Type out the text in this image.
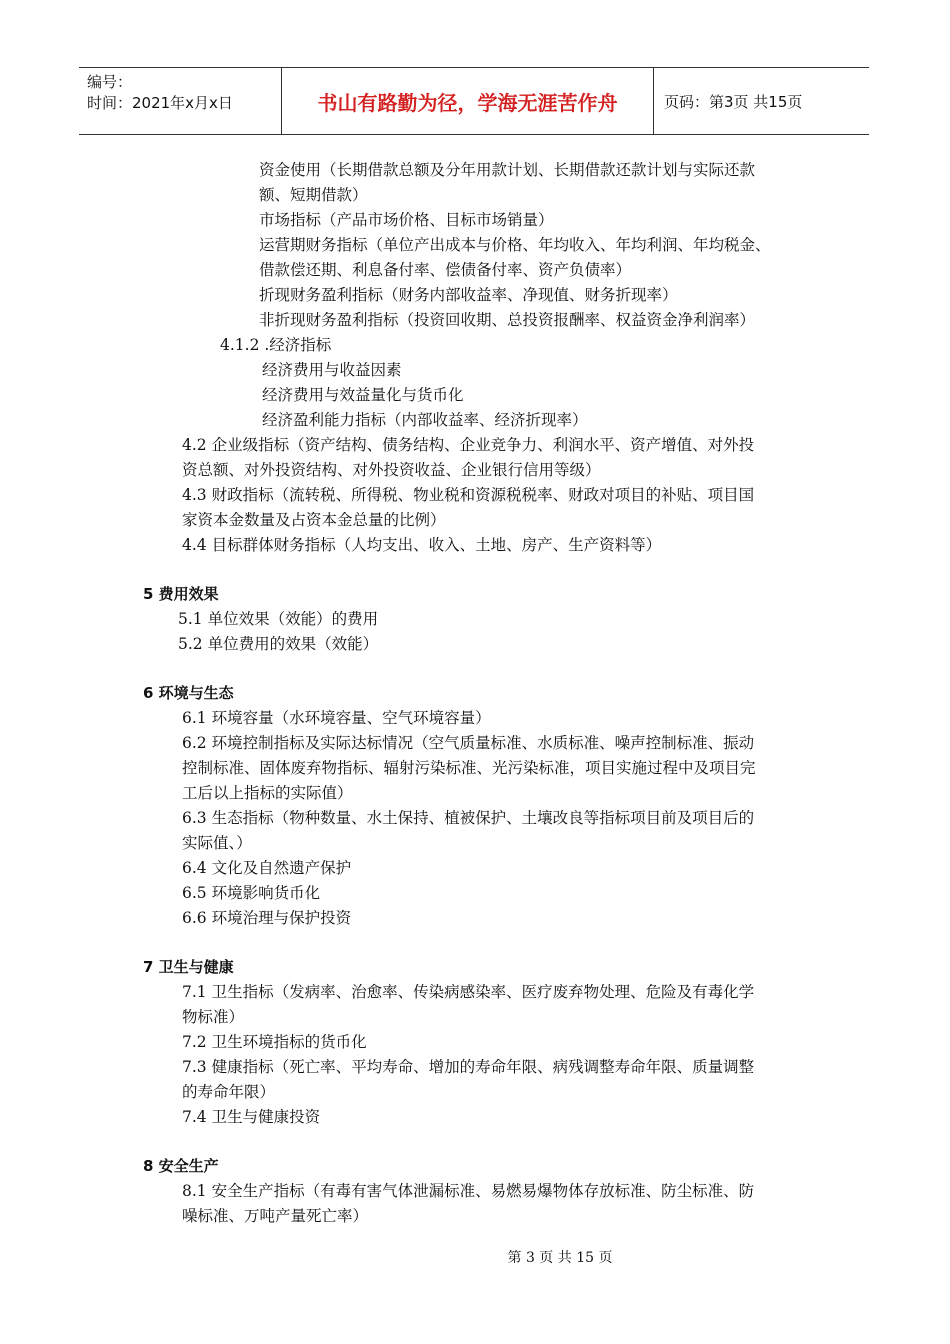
编号：
时间：2021年x月x日	书山有路勤为径，学海无涯苦作舟	页码：第3页 共15页
资金使用（长期借款总额及分年用款计划、长期借款还款计划与实际还款
额、短期借款）
市场指标（产品市场价格、目标市场销量）
运营期财务指标（单位产出成本与价格、年均收入、年均利润、年均税金、
借款偿还期、利息备付率、偿债备付率、资产负债率）
折现财务盈利指标（财务内部收益率、净现值、财务折现率）
非折现财务盈利指标（投资回收期、总投资报酬率、权益资金净利润率）
4.1.2 .经济指标
经济费用与收益因素
经济费用与效益量化与货币化
经济盈利能力指标（内部收益率、经济折现率）
4.2 企业级指标（资产结构、债务结构、企业竞争力、利润水平、资产增值、对外投
资总额、对外投资结构、对外投资收益、企业银行信用等级）
4.3 财政指标（流转税、所得税、物业税和资源税税率、财政对项目的补贴、项目国
家资本金数量及占资本金总量的比例）
4.4 目标群体财务指标（人均支出、收入、土地、房产、生产资料等）
5 费用效果
5.1 单位效果（效能）的费用
5.2 单位费用的效果（效能）
6 环境与生态
6.1 环境容量（水环境容量、空气环境容量）
6.2 环境控制指标及实际达标情况（空气质量标准、水质标准、噪声控制标准、振动
控制标准、固体废弃物指标、辐射污染标准、光污染标准，项目实施过程中及项目完
工后以上指标的实际值）
6.3 生态指标（物种数量、水土保持、植被保护、土壤改良等指标项目前及项目后的
实际值、）
6.4 文化及自然遗产保护
6.5 环境影响货币化
6.6 环境治理与保护投资
7 卫生与健康
7.1 卫生指标（发病率、治愈率、传染病感染率、医疗废弃物处理、危险及有毒化学
物标准）
7.2 卫生环境指标的货币化
7.3 健康指标（死亡率、平均寿命、增加的寿命年限、病残调整寿命年限、质量调整
的寿命年限）
7.4 卫生与健康投资
8 安全生产
8.1 安全生产指标（有毒有害气体泄漏标准、易燃易爆物体存放标准、防尘标准、防
噪标准、万吨产量死亡率）
第 3 页 共 15 页
